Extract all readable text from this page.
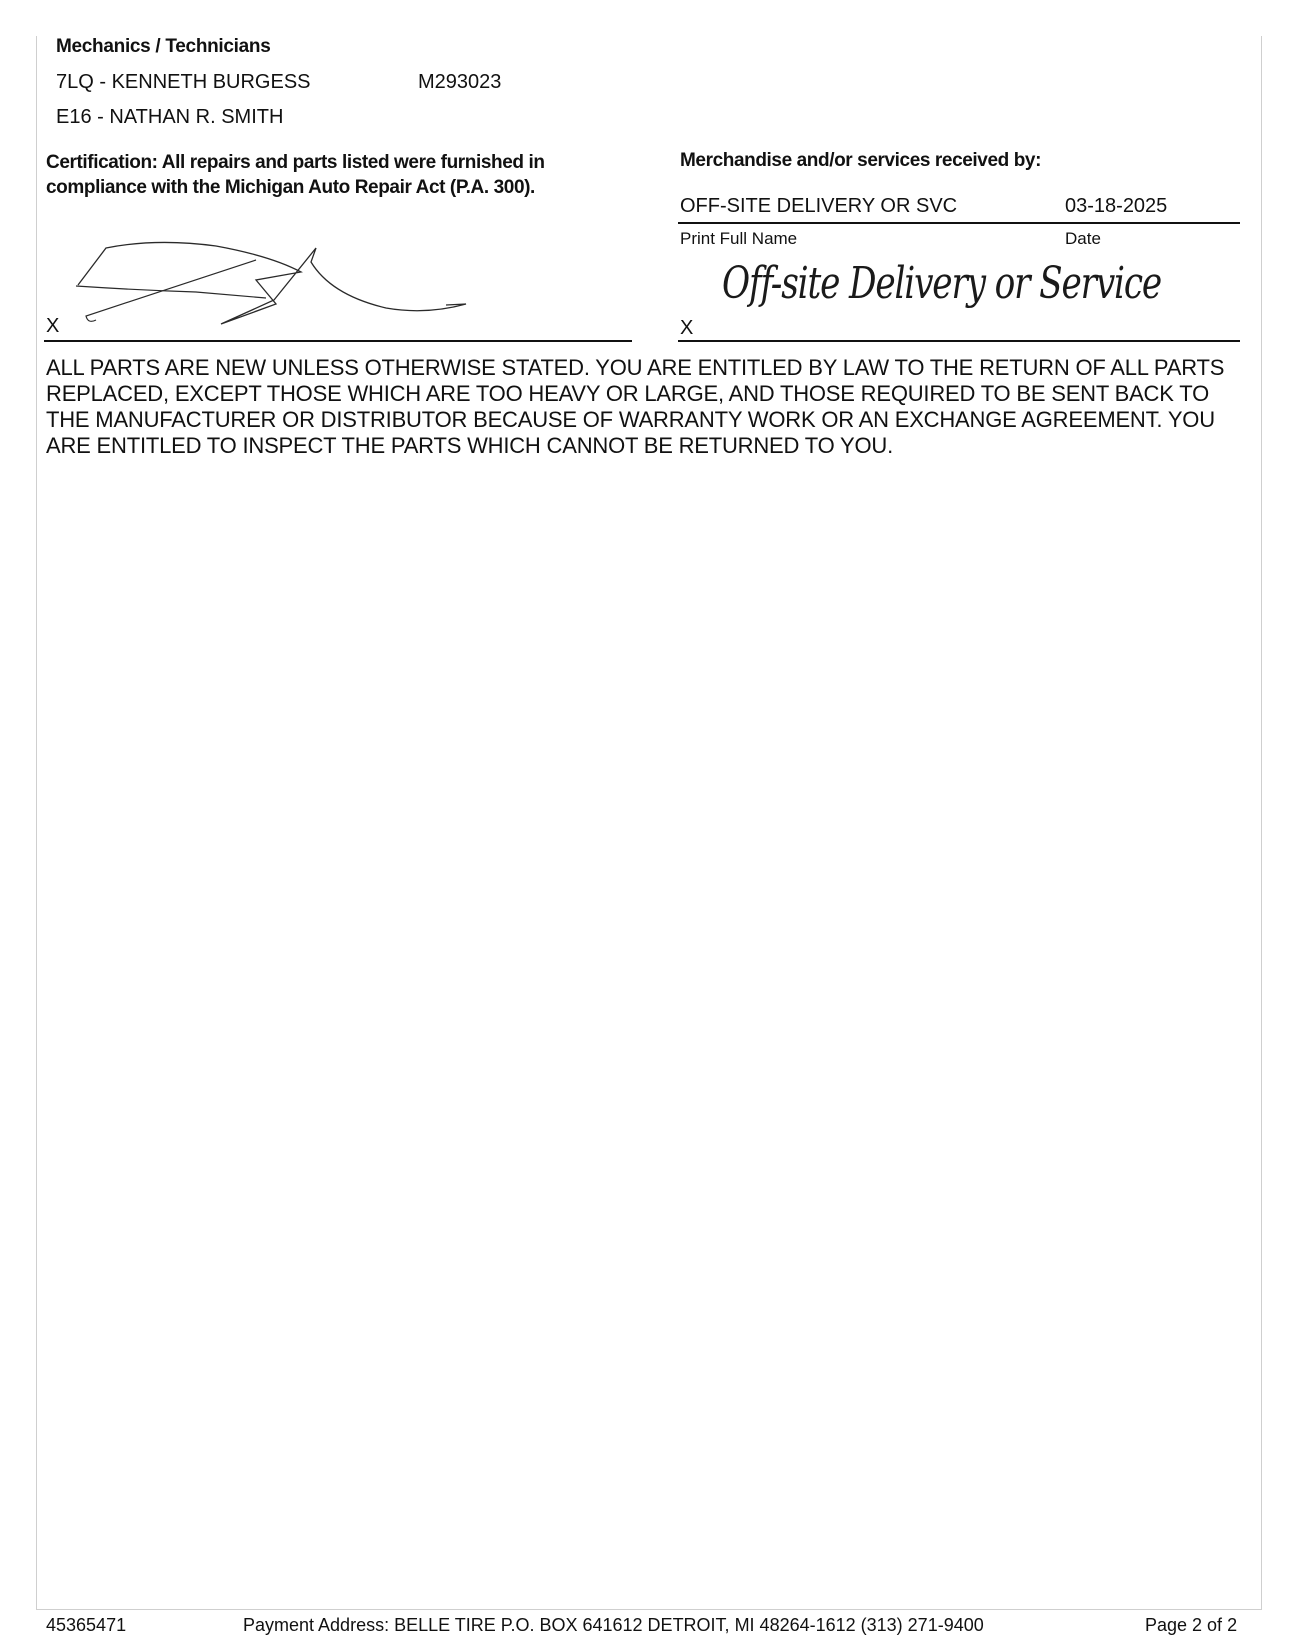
Mechanics / Technicians
7LQ - KENNETH BURGESS	M293023
E16 - NATHAN R. SMITH
Certification: All repairs and parts listed were furnished in compliance with the Michigan Auto Repair Act (P.A. 300).
Merchandise and/or services received by:
OFF-SITE DELIVERY OR SVC	03-18-2025
Print Full Name	Date
X	X
Off-site Delivery or Service
ALL PARTS ARE NEW UNLESS OTHERWISE STATED. YOU ARE ENTITLED BY LAW TO THE RETURN OF ALL PARTS REPLACED, EXCEPT THOSE WHICH ARE TOO HEAVY OR LARGE, AND THOSE REQUIRED TO BE SENT BACK TO THE MANUFACTURER OR DISTRIBUTOR BECAUSE OF WARRANTY WORK OR AN EXCHANGE AGREEMENT. YOU ARE ENTITLED TO INSPECT THE PARTS WHICH CANNOT BE RETURNED TO YOU.
45365471	Payment Address: BELLE TIRE P.O. BOX 641612 DETROIT, MI 48264-1612 (313) 271-9400	Page 2 of 2
